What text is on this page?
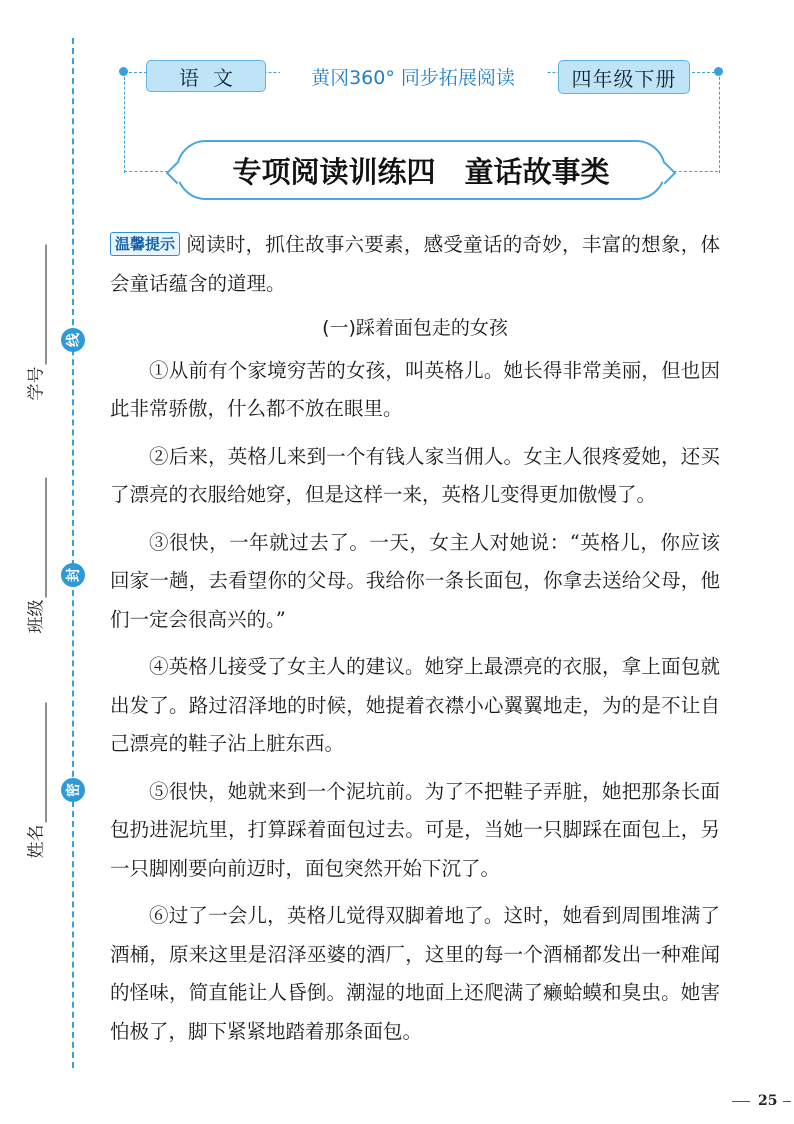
线
封
密
学号
班级
姓名
语文	黄冈360° 同步拓展阅读	四年级下册
专项阅读训练四　童话故事类

温馨提示 阅读时，抓住故事六要素，感受童话的奇妙，丰富的想象，体会童话蕴含的道理。

(一)踩着面包走的女孩

①从前有个家境穷苦的女孩，叫英格儿。她长得非常美丽，但也因此非常骄傲，什么都不放在眼里。

②后来，英格儿来到一个有钱人家当佣人。女主人很疼爱她，还买了漂亮的衣服给她穿，但是这样一来，英格儿变得更加傲慢了。

③很快，一年就过去了。一天，女主人对她说：“英格儿，你应该回家一趟，去看望你的父母。我给你一条长面包，你拿去送给父母，他们一定会很高兴的。”

④英格儿接受了女主人的建议。她穿上最漂亮的衣服，拿上面包就出发了。路过沼泽地的时候，她提着衣襟小心翼翼地走，为的是不让自己漂亮的鞋子沾上脏东西。

⑤很快，她就来到一个泥坑前。为了不把鞋子弄脏，她把那条长面包扔进泥坑里，打算踩着面包过去。可是，当她一只脚踩在面包上，另一只脚刚要向前迈时，面包突然开始下沉了。

⑥过了一会儿，英格儿觉得双脚着地了。这时，她看到周围堆满了酒桶，原来这里是沼泽巫婆的酒厂，这里的每一个酒桶都发出一种难闻的怪味，简直能让人昏倒。潮湿的地面上还爬满了癞蛤蟆和臭虫。她害怕极了，脚下紧紧地踏着那条面包。

25
